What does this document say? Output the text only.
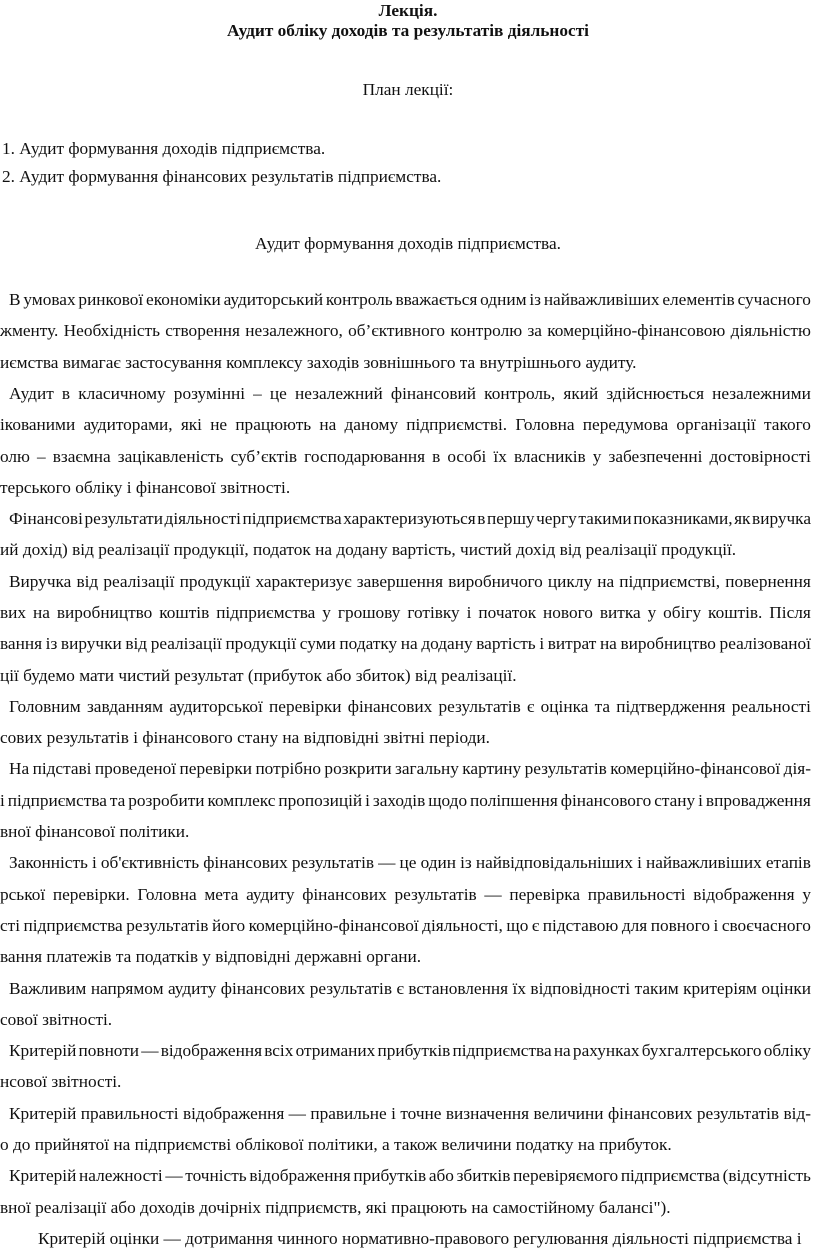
Лекція.

Аудит обліку доходів та результатів діяльності

План лекції:

1. Аудит формування доходів підприємства.

2. Аудит формування фінансових результатів підприємства.

Аудит формування доходів підприємства.

В умовах ринкової економіки аудиторський контроль вважається одним із найважливіших елементів сучасного

жменту. Необхідність створення незалежного, об’єктивного контролю за комерційно-фінансовою діяльністю

иємства вимагає застосування комплексу заходів зовнішнього та внутрішнього аудиту.

Аудит в класичному розумінні – це незалежний фінансовий контроль, який здійснюється незалежними

ікованими аудиторами, які не працюють на даному підприємстві. Головна передумова організації такого

олю – взаємна зацікавленість суб’єктів господарювання в особі їх власників у забезпеченні достовірності

терського обліку і фінансової звітності.

Фінансові результати діяльності підприємства характеризуються в першу чергу такими показниками, як виручка

ий дохід) від реалізації продукції, податок на додану вартість, чистий дохід від реалізації продукції.

Виручка від реалізації продукції характеризує завершення виробничого циклу на підприємстві, повернення

вих на виробництво коштів підприємства у грошову готівку і початок нового витка у обігу коштів. Після

вання із виручки від реалізації продукції суми податку на додану вартість і витрат на виробництво реалізованої

ції будемо мати чистий результат (прибуток або збиток) від реалізації.

Головним завданням аудиторської перевірки фінансових результатів є оцінка та підтвердження реальності

сових результатів і фінансового стану на відповідні звітні періоди.

На підставі проведеної перевірки потрібно розкрити загальну картину результатів комерційно-фінансової дія-

і підприємства та розробити комплекс пропозицій і заходів щодо поліпшення фінансового стану і впровадження

вної фінансової політики.

Законність і об'єктивність фінансових результатів — це один із найвідповідальніших і найважливіших етапів

рської перевірки. Головна мета аудиту фінансових результатів — перевірка правильності відображення у

сті підприємства результатів його комерційно-фінансової діяльності, що є підставою для повного і своєчасного

вання платежів та податків у відповідні державні органи.

Важливим напрямом аудиту фінансових результатів є встановлення їх відповідності таким критеріям оцінки

сової звітності.

Критерій повноти — відображення всіх отриманих прибутків підприємства на рахунках бухгалтерського обліку

нсової звітності.

Критерій правильності відображення — правильне і точне визначення величини фінансових результатів від-

о до прийнятої на підприємстві облікової політики, а також величини податку на прибуток.

Критерій належності — точність відображення прибутків або збитків перевіряємого підприємства (відсутність

вної реалізації або доходів дочірніх підприємств, які працюють на самостійному балансі").

Критерій оцінки — дотримання чинного нормативно-правового регулювання діяльності підприємства і
